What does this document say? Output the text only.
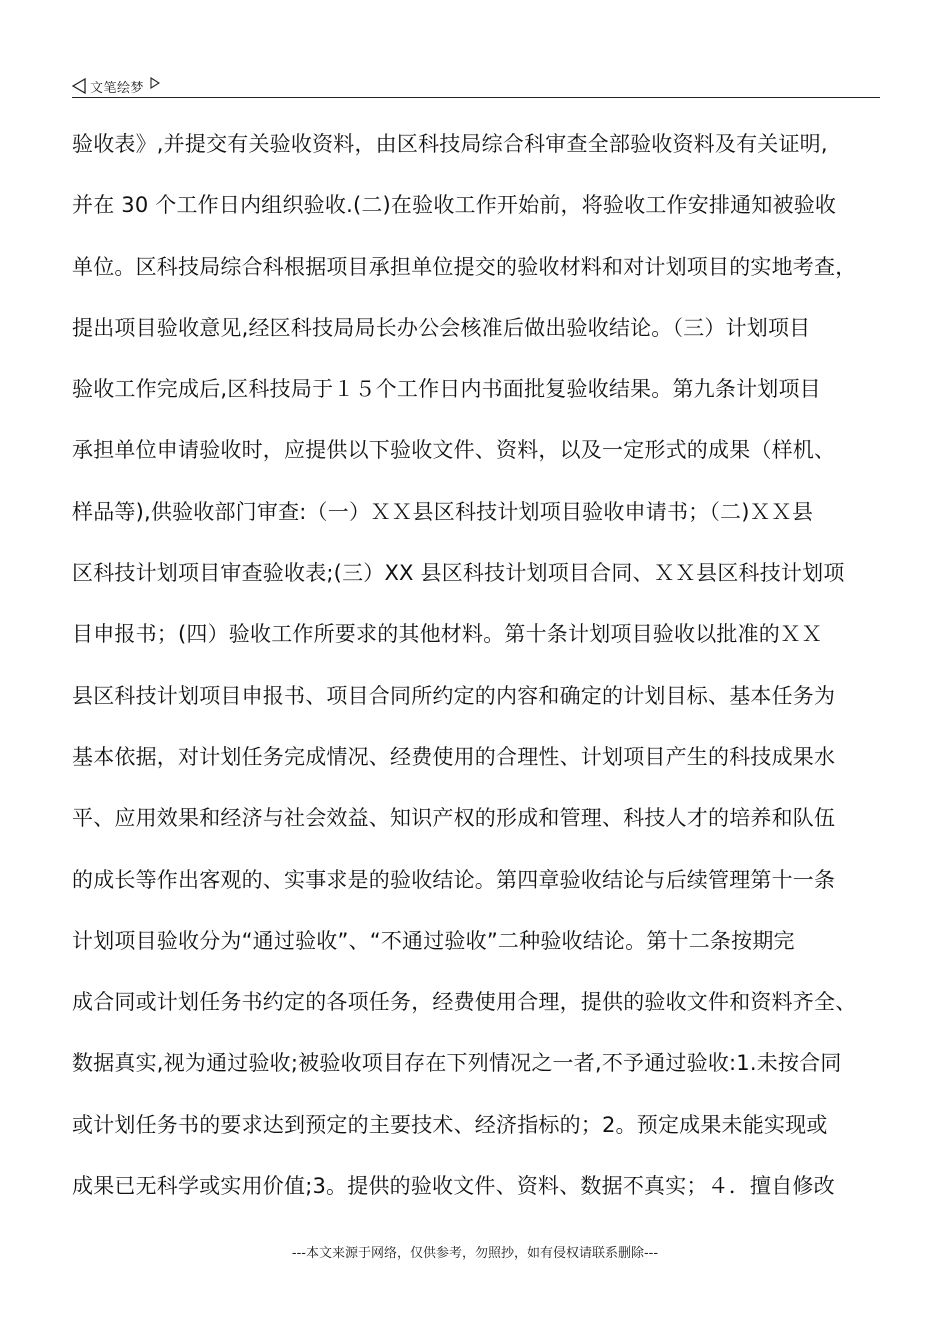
文笔绘梦
验收表》,并提交有关验收资料，由区科技局综合科审查全部验收资料及有关证明,
并在 30 个工作日内组织验收.(二)在验收工作开始前，将验收工作安排通知被验收
单位。区科技局综合科根据项目承担单位提交的验收材料和对计划项目的实地考查，
提出项目验收意见,经区科技局局长办公会核准后做出验收结论。（三）计划项目
验收工作完成后,区科技局于１５个工作日内书面批复验收结果。第九条计划项目
承担单位申请验收时，应提供以下验收文件、资料，以及一定形式的成果（样机、
样品等),供验收部门审查:（一）ＸＸ县区科技计划项目验收申请书；（二)ＸＸ县
区科技计划项目审查验收表;(三）XX 县区科技计划项目合同、ＸＸ县区科技计划项
目申报书；(四）验收工作所要求的其他材料。第十条计划项目验收以批准的ＸＸ
县区科技计划项目申报书、项目合同所约定的内容和确定的计划目标、基本任务为
基本依据，对计划任务完成情况、经费使用的合理性、计划项目产生的科技成果水
平、应用效果和经济与社会效益、知识产权的形成和管理、科技人才的培养和队伍
的成长等作出客观的、实事求是的验收结论。第四章验收结论与后续管理第十一条
计划项目验收分为“通过验收”、“不通过验收”二种验收结论。第十二条按期完
成合同或计划任务书约定的各项任务，经费使用合理，提供的验收文件和资料齐全、
数据真实,视为通过验收;被验收项目存在下列情况之一者,不予通过验收:1.未按合同
或计划任务书的要求达到预定的主要技术、经济指标的；2。预定成果未能实现或
成果已无科学或实用价值;3。提供的验收文件、资料、数据不真实；４．擅自修改
---本文来源于网络，仅供参考，勿照抄，如有侵权请联系删除---
